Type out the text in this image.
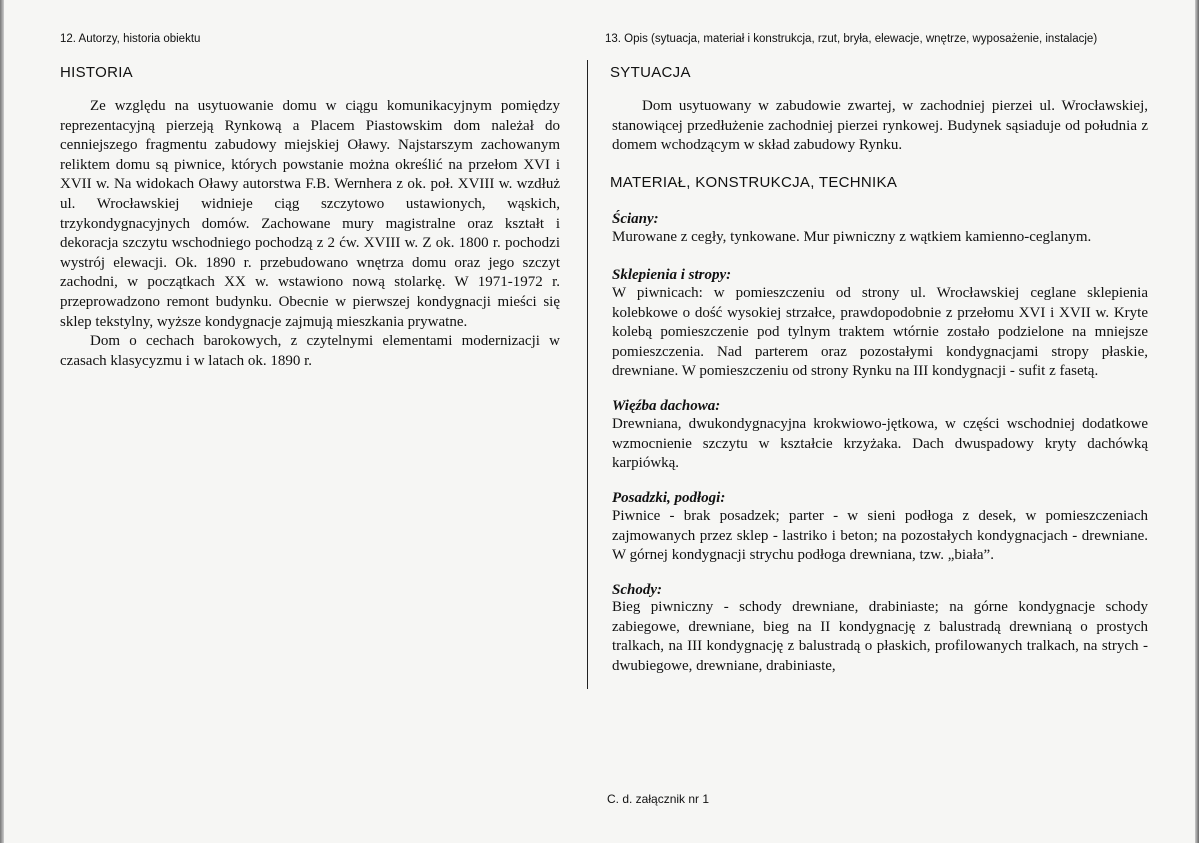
12. Autorzy, historia obiektu
HISTORIA

Ze względu na usytuowanie domu w ciągu komunikacyjnym pomiędzy reprezentacyjną pierzeją Rynkową a Placem Piastowskim dom należał do cenniejszego fragmentu zabudowy miejskiej Oławy. Najstarszym zachowanym reliktem domu są piwnice, których powstanie można określić na przełom XVI i XVII w. Na widokach Oławy autorstwa F.B. Wernhera z ok. poł. XVIII w. wzdłuż ul. Wrocławskiej widnieje ciąg szczytowo ustawionych, wąskich, trzykondygnacyjnych domów. Zachowane mury magistralne oraz kształt i dekoracja szczytu wschodniego pochodzą z 2 ćw. XVIII w. Z ok. 1800 r. pochodzi wystrój elewacji. Ok. 1890 r. przebudowano wnętrza domu oraz jego szczyt zachodni, w początkach XX w. wstawiono nową stolarkę. W 1971-1972 r. przeprowadzono remont budynku. Obecnie w pierwszej kondygnacji mieści się sklep tekstylny, wyższe kondygnacje zajmują mieszkania prywatne.

Dom o cechach barokowych, z czytelnymi elementami modernizacji w czasach klasycyzmu i w latach ok. 1890 r.

13. Opis (sytuacja, materiał i konstrukcja, rzut, bryła, elewacje, wnętrze, wyposażenie, instalacje)
SYTUACJA

Dom usytuowany w zabudowie zwartej, w zachodniej pierzei ul. Wrocławskiej, stanowiącej przedłużenie zachodniej pierzei rynkowej. Budynek sąsiaduje od południa z domem wchodzącym w skład zabudowy Rynku.

MATERIAŁ, KONSTRUKCJA, TECHNIKA
Ściany:
Murowane z cegły, tynkowane. Mur piwniczny z wątkiem kamienno-ceglanym.
Sklepienia i stropy:
W piwnicach: w pomieszczeniu od strony ul. Wrocławskiej ceglane sklepienia kolebkowe o dość wysokiej strzałce, prawdopodobnie z przełomu XVI i XVII w. Kryte kolebą pomieszczenie pod tylnym traktem wtórnie zostało podzielone na mniejsze pomieszczenia. Nad parterem oraz pozostałymi kondygnacjami stropy płaskie, drewniane. W pomieszczeniu od strony Rynku na III kondygnacji - sufit z fasetą.
Więźba dachowa:
Drewniana, dwukondygnacyjna krokwiowo-jętkowa, w części wschodniej dodatkowe wzmocnienie szczytu w kształcie krzyżaka. Dach dwuspadowy kryty dachówką karpiówką.
Posadzki, podłogi:
Piwnice - brak posadzek; parter - w sieni podłoga z desek, w pomieszczeniach zajmowanych przez sklep - lastriko i beton; na pozostałych kondygnacjach - drewniane. W górnej kondygnacji strychu podłoga drewniana, tzw. „biała”.
Schody:
Bieg piwniczny - schody drewniane, drabiniaste; na górne kondygnacje schody zabiegowe, drewniane, bieg na II kondygnację z balustradą drewnianą o prostych tralkach, na III kondygnację z balustradą o płaskich, profilowanych tralkach, na strych - dwubiegowe, drewniane, drabiniaste,
C. d. załącznik nr 1
